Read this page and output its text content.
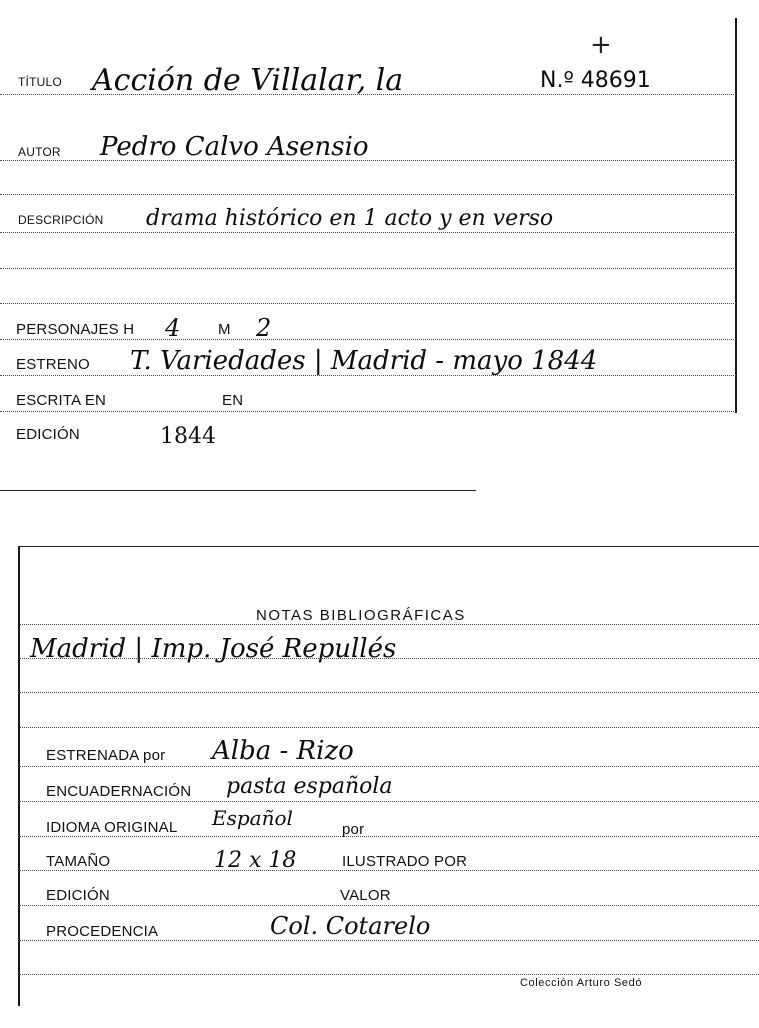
+
TÍTULO Acción de Villalar, la	N.º 48691
AUTOR Pedro Calvo Asensio
DESCRIPCIÓN drama histórico en 1 acto y en verso
PERSONAJES H 4	M 2
ESTRENO T. Variedades | Madrid - mayo 1844
ESCRITA EN	EN
EDICIÓN	1844
NOTAS BIBLIOGRÁFICAS
Madrid | Imp. José Repullés
ESTRENADA por Alba - Rizo
ENCUADERNACIÓN pasta española
IDIOMA ORIGINAL Español	por
TAMAÑO	12 x 18	ILUSTRADO POR
EDICIÓN	VALOR
PROCEDENCIA	Col. Cotarelo
Colección Arturo Sedó
